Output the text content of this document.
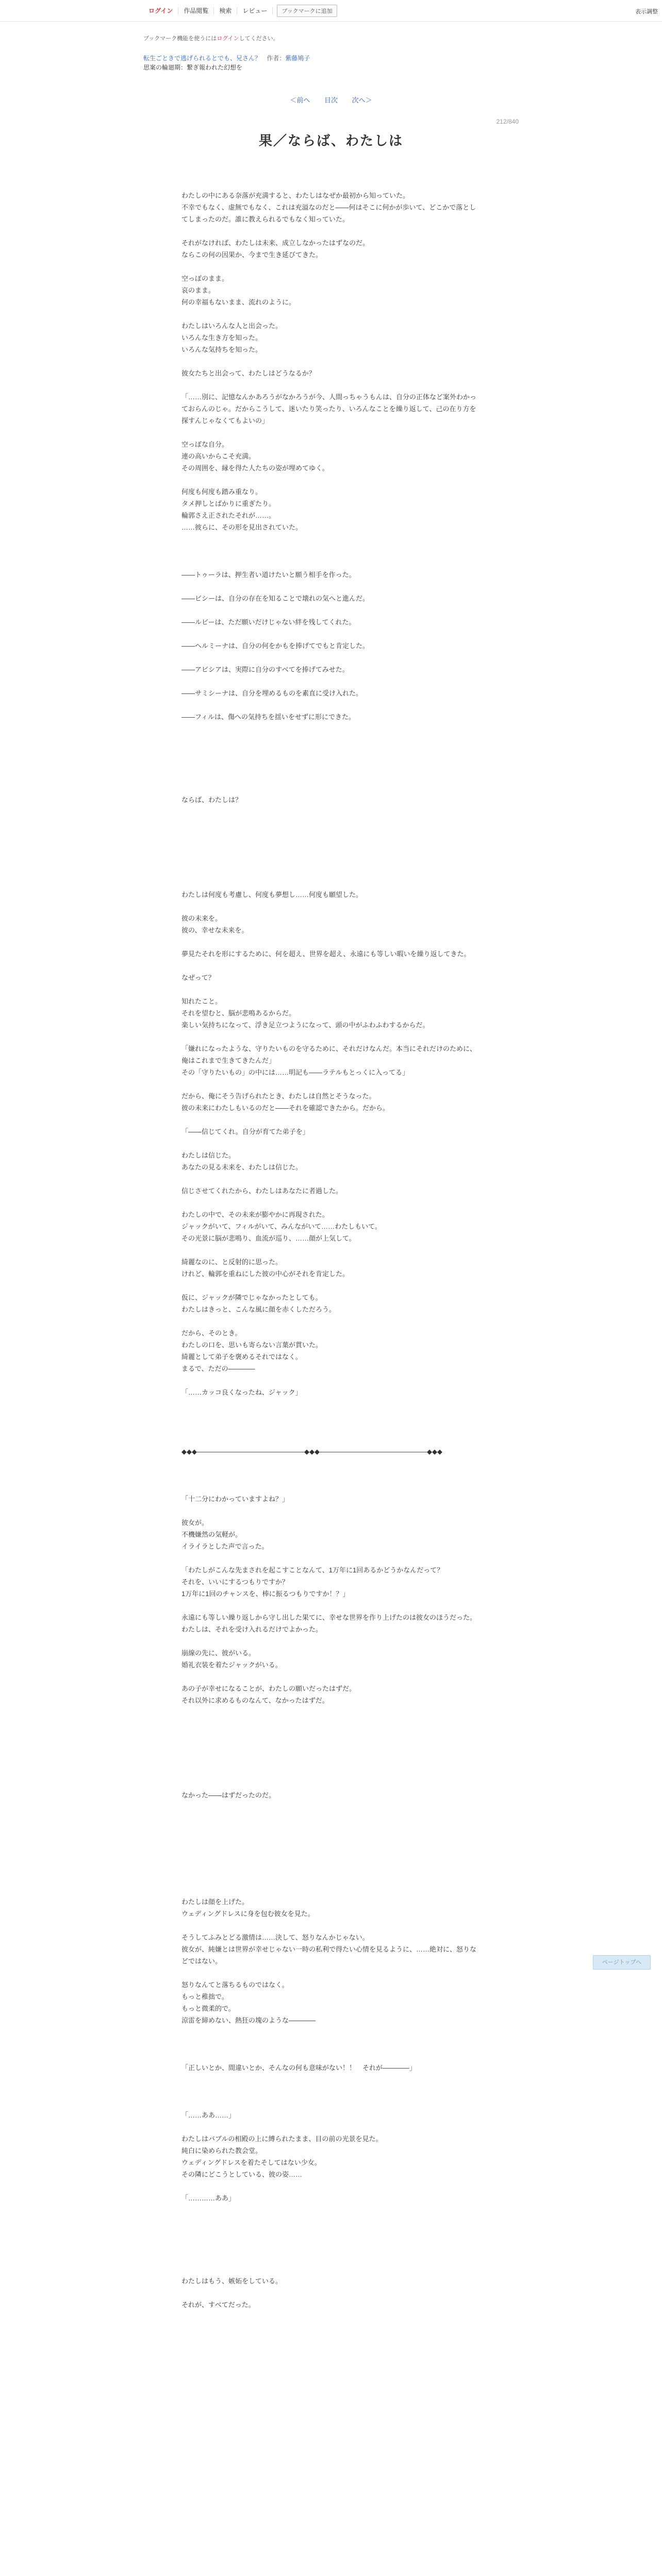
ログイン	作品閲覧	検索	レビュー	ブックマークに追加	表示調整
ブックマーク機能を使うにはログインしてください。
転生ごときで逃げられるとでも、兄さん？ 作者：紫藤鳩子
思案の輪廻期：繋ぎ報われた幻想を
＜前へ 目次 次へ＞
212/840
果／ならば、わたしは

わたしの中にある奈落が充満すると、わたしはなぜか最初から知っていた。

不幸でもなく、虚無でもなく、これは充溢なのだと――何はそこに何かが歩いて、どこかで落としてしまったのだ。誰に教えられるでもなく知っていた。

それがなければ、わたしは未来、成立しなかったはずなのだ。

ならこの何の因果か、今まで生き延びてきた。

空っぽのまま。

哀のまま。

何の幸福もないまま、流れのように。

わたしはいろんな人と出会った。

いろんな生き方を知った。

いろんな気持ちを知った。

彼女たちと出会って、わたしはどうなるか？

「……別に、記憶なんかあろうがなかろうが今、人間っちゃうもんは、自分の正体など案外わかっておらんのじゃ。だからこうして、迷いたり笑ったり、いろんなことを繰り返して、己の在り方を探すんじゃなくてもよいの」

空っぽな自分。

連の高いからこそ充満。

その周囲を、縁を得た人たちの姿が埋めてゆく。

何度も何度も踏み重なり。

タメ押しとばかりに重ぎたり。

輪郭さえ正されたそれが……。

……彼らに、その形を見出されていた。

――トゥーラは、押生者い道けたいと願う相手を作った。

――ビシーは、自分の存在を知ることで壊れの気へと進んだ。

――ルビーは、ただ願いだけじゃない絆を残してくれた。

――ヘルミーナは、自分の何をかもを捧げてでもと肯定した。

――アビシアは、実際に自分のすべてを捧げてみせた。

――サミシーナは、自分を埋めるものを素直に受け入れた。

――フィルは、傷への気持ちを揺いをせずに形にできた。

ならば、わたしは？

わたしは何度も考慮し、何度も夢想し……何度も願望した。

彼の未来を。

彼の、幸せな未来を。

夢見たそれを形にするために、何を超え、世界を超え、永遠にも等しい暇いを繰り返してきた。

なぜって？

知れたこと。

それを望むと、脳が悲鳴あるからだ。

楽しい気持ちになって、浮き足立つようになって、頭の中がふわふわするからだ。

「嫌れになったような、守りたいものを守るために、それだけなんだ。本当にそれだけのために、俺はこれまで生きてきたんだ」

その「守りたいもの」の中には……明記も――ラテルもとっくに入ってる」

だから、俺にそう告げられたとき、わたしは自然とそうなった。

彼の未来にわたしもいるのだと――それを確認できたから。だから。

「――信じてくれ。自分が育てた弟子を」

わたしは信じた。

あなたの見る未来を、わたしは信じた。

信じさせてくれたから、わたしはあなたに者過した。

わたしの中で、その未来が膨やかに再現された。

ジャックがいて、フィルがいて、みんながいて……わたしもいて。

その光景に脳が悲鳴り、血流が巡り、……顔が上気して。

綺麗なのに、と反射的に思った。

けれど、輪郭を重ねにした彼の中心がそれを肯定した。

仮に、ジャックが隣でじゃなかったとしても。

わたしはきっと、こんな風に顔を赤くしただろう。

だから、そのとき。

わたしの口を、思いも寄らない言葉が貫いた。

綺麗として弟子を褒めるそれではなく。

まるで、ただの――――

「……カッコ良くなったね、ジャック」

◆◆◆――――――――――――――――◆◆◆――――――――――――――――◆◆◆

「十二分にわかっていますよね？」

彼女が。

不機嫌然の気軽が。

イライラとした声で言った。

「わたしがこんな先まされを起こすことなんて、1万年に1回あるかどうかなんだって？

それを、いいにするつもりですか？

1万年に1回のチャンスを、棒に振るつもりですか！？」

永遠にも等しい繰り返しから守し出した果てに、幸せな世界を作り上げたのは彼女のほうだった。

わたしは、それを受け入れるだけでよかった。

崩線の先に、彼がいる。

婚礼衣装を着たジャックがいる。

あの子が幸せになることが、わたしの願いだったはずだ。

それ以外に求めるものなんて、なかったはずだ。

なかった――はずだったのだ。

わたしは顔を上げた。

ウェディングドレスに身を包む彼女を見た。

そうしてふみとどる激情は……決して、怒りなんかじゃない。

彼女が、純嫌とは世界が幸せじゃない一時の私利で得たい心情を見るように、……絶対に、怒りなどではない。

怒りなんてと落ちるものではなく。

もっと稚拙で。

もっと微柔的で。

涼雷を締めない、熱狂の塊のような――――

「正しいとか、間違いとか、そんなの何も意味がない！！　それが――――」

「……ああ……」

わたしはバブルの相殿の上に縛られたまま、目の前の光景を見た。

純白に染められた教会堂。

ウェディングドレスを着たそしてはない少女。

その隣にどこうとしている、彼の姿……

「…………ああ」

わたしはもう、嫉妬をしている。

それが、すべてだった。

ページトップへ
